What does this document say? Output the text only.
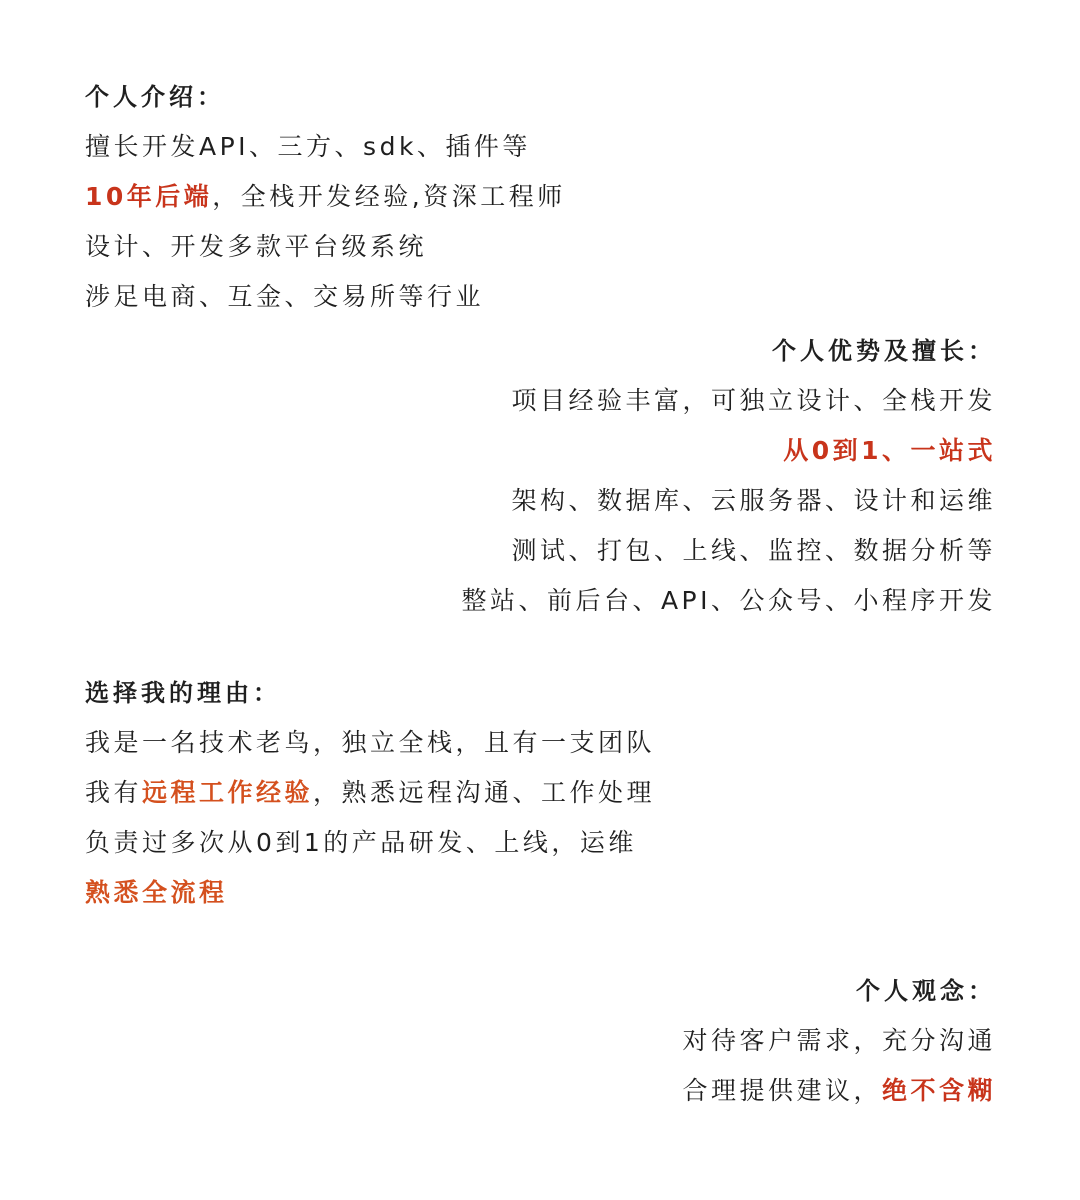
个人介绍：
擅长开发API、三方、sdk、插件等
10年后端，全栈开发经验,资深工程师
设计、开发多款平台级系统
涉足电商、互金、交易所等行业
个人优势及擅长：
项目经验丰富，可独立设计、全栈开发
从0到1、一站式
架构、数据库、云服务器、设计和运维
测试、打包、上线、监控、数据分析等
整站、前后台、API、公众号、小程序开发
选择我的理由：
我是一名技术老鸟，独立全栈，且有一支团队
我有远程工作经验，熟悉远程沟通、工作处理
负责过多次从0到1的产品研发、上线，运维
熟悉全流程
个人观念：
对待客户需求，充分沟通
合理提供建议，绝不含糊
